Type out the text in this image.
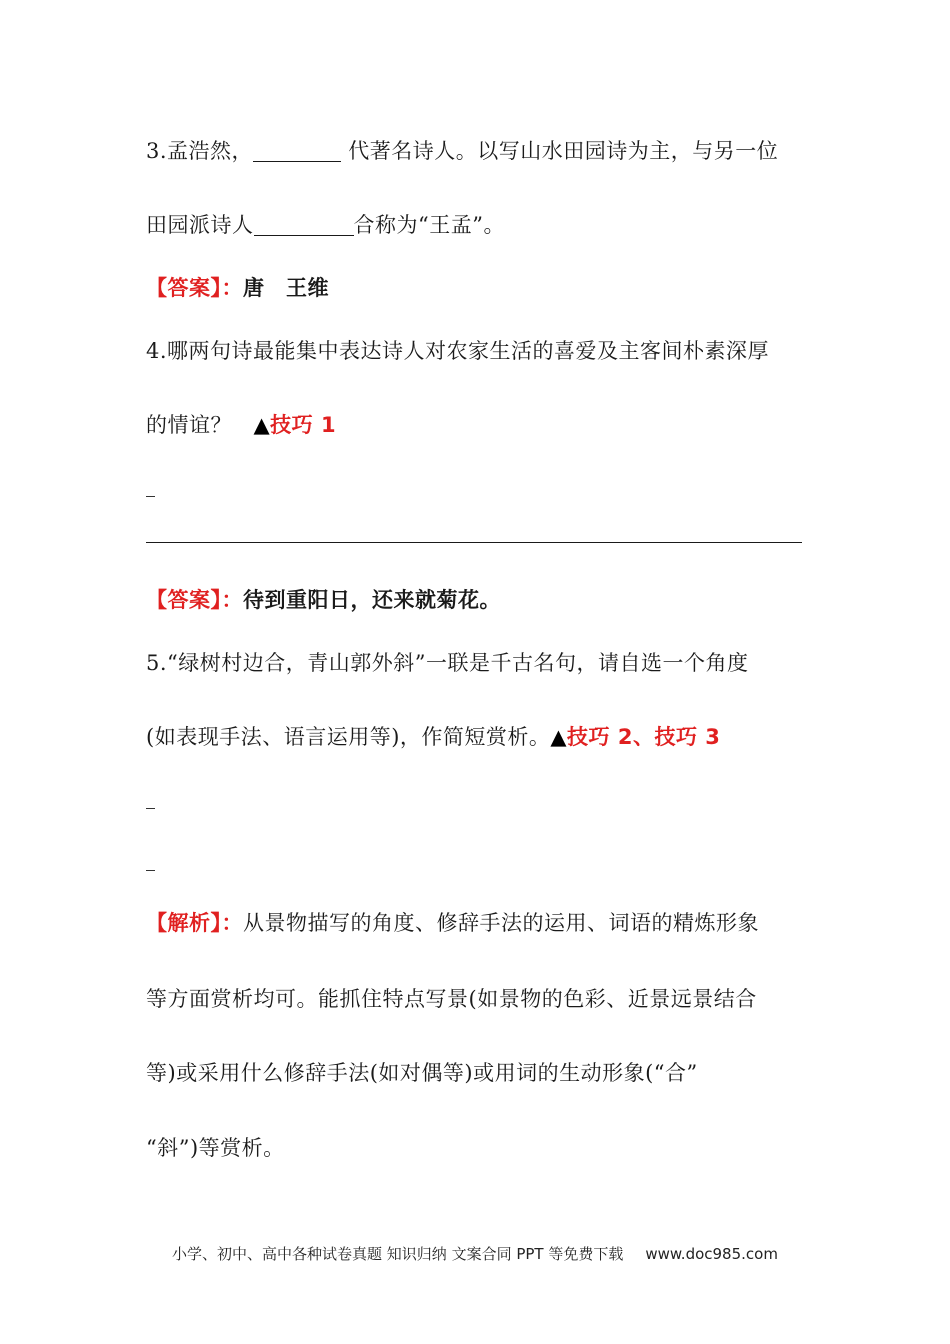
3.孟浩然，	代著名诗人。以写山水田园诗为主，与另一位
田园派诗人	合称为“王孟”。
【答案】：唐　王维
4.哪两句诗最能集中表达诗人对农家生活的喜爱及主客间朴素深厚
的情谊？　▲技巧 1
【答案】：待到重阳日，还来就菊花。
5.“绿树村边合，青山郭外斜”一联是千古名句，请自选一个角度
(如表现手法、语言运用等)，作简短赏析。▲技巧 2、技巧 3
【解析】：从景物描写的角度、修辞手法的运用、词语的精炼形象
等方面赏析均可。能抓住特点写景(如景物的色彩、近景远景结合
等)或采用什么修辞手法(如对偶等)或用词的生动形象(“合”
“斜”)等赏析。
小学、初中、高中各种试卷真题 知识归纳 文案合同 PPT 等免费下载 www.doc985.com
